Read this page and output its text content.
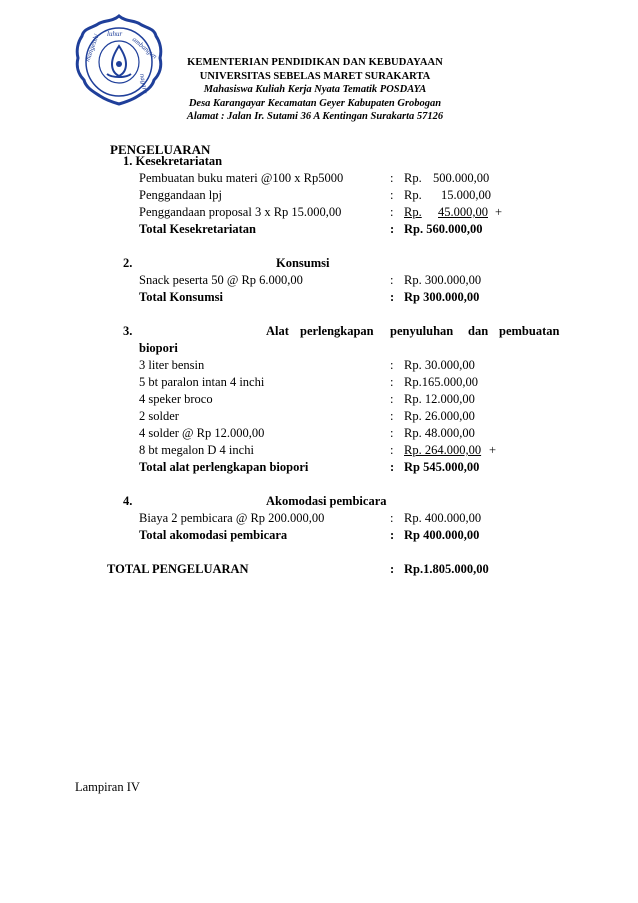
mangesthi luhur
ambangun
nagara
KEMENTERIAN PENDIDIKAN DAN KEBUDAYAAN
UNIVERSITAS SEBELAS MARET SURAKARTA
Mahasiswa Kuliah Kerja Nyata Tematik POSDAYA
Desa Karangayar Kecamatan Geyer Kabupaten Grobogan
Alamat : Jalan Ir. Sutami 36 A Kentingan Surakarta 57126
PENGELUARAN
1. Kesekretariatan
Pembuatan buku materi @100 x Rp5000	: Rp. 500.000,00
Penggandaan lpj	: Rp. 15.000,00
Penggandaan proposal 3 x Rp 15.000,00	: Rp.	45.000,00 +
Total Kesekretariatan	: Rp. 560.000,00
2.	Konsumsi
Snack peserta 50 @ Rp 6.000,00	: Rp. 300.000,00
Total Konsumsi	: Rp 300.000,00
3.	Alat perlengkapan penyuluhan dan pembuatan
biopori
3 liter bensin	: Rp. 30.000,00
5 bt paralon intan 4 inchi	: Rp.165.000,00
4 speker broco	: Rp. 12.000,00
2 solder	: Rp. 26.000,00
4 solder @ Rp 12.000,00	: Rp. 48.000,00
8 bt megalon D 4 inchi	: Rp. 264.000,00 +
Total alat perlengkapan biopori	: Rp 545.000,00
4.	Akomodasi pembicara
Biaya 2 pembicara @ Rp 200.000,00	: Rp. 400.000,00
Total akomodasi pembicara	: Rp 400.000,00
TOTAL PENGELUARAN	: Rp.1.805.000,00
Lampiran IV
